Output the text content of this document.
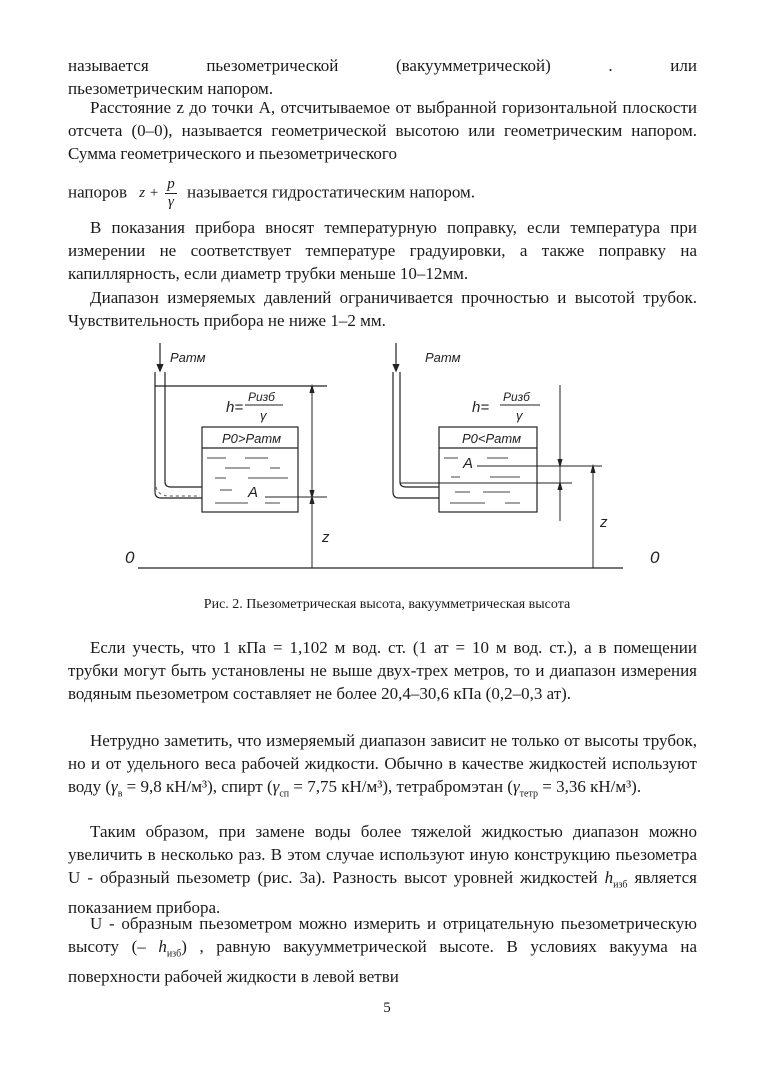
называется пьезометрической (вакуумметрической) . или
пьезометрическим напором.

Расстояние z до точки А, отсчитываемое от выбранной горизонтальной плоскости отсчета (0–0), называется геометрической высотою или геометрическим напором. Сумма геометрического и пьезометрического

напоров $z + \frac{p}{\gamma}$ называется гидростатическим напором.

В показания прибора вносят температурную поправку, если температура при измерении не соответствует температуре градуировки, а также поправку на капиллярность, если диаметр трубки меньше 10–12мм.

Диапазон измеряемых давлений ограничивается прочностью и высотой трубок. Чувствительность прибора не ниже 1–2 мм.

Pатм
h=
Pизб
γ
P0>Pатм
A
z
Pатм
h=
Pизб
γ
P0<Pатм
A
z
0	0
Рис. 2. Пьезометрическая высота, вакуумметрическая высота

Если учесть, что 1 кПа = 1,102 м вод. ст. (1 ат = 10 м вод. ст.), а в помещении трубки могут быть установлены не выше двух-трех метров, то и диапазон измерения водяным пьезометром составляет не более 20,4–30,6 кПа (0,2–0,3 ат).

Нетрудно заметить, что измеряемый диапазон зависит не только от высоты трубок, но и от удельного веса рабочей жидкости. Обычно в качестве жидкостей используют воду ($\gamma_в = 9,8$ кН/м³), спирт ($\gamma_{сп} = 7,75$ кН/м³), тетрабромэтан ($\gamma_{тетр} = 3,36$ кН/м³).

Таким образом, при замене воды более тяжелой жидкостью диапазон можно увеличить в несколько раз. В этом случае используют иную конструкцию пьезометра U - образный пьезометр (рис. 3а). Разность высот уровней жидкостей $h_{изб}$ является показанием прибора.

U - образным пьезометром можно измерить и отрицательную пьезометрическую высоту (– $h_{изб}$) , равную вакуумметрической высоте. В условиях вакуума на поверхности рабочей жидкости в левой ветви

5
